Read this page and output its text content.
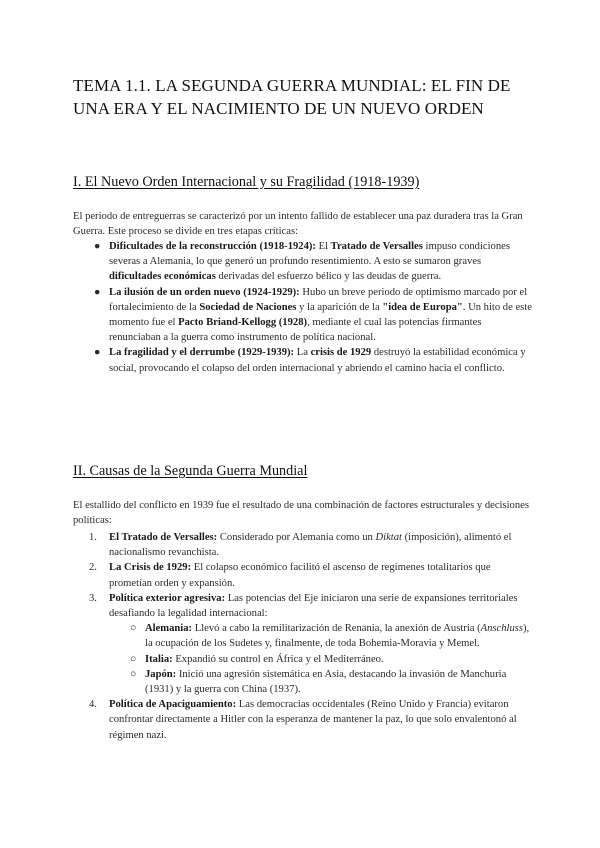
TEMA 1.1. LA SEGUNDA GUERRA MUNDIAL: EL FIN DE UNA ERA Y EL NACIMIENTO DE UN NUEVO ORDEN
I. El Nuevo Orden Internacional y su Fragilidad (1918-1939)

El periodo de entreguerras se caracterizó por un intento fallido de establecer una paz duradera tras la Gran Guerra. Este proceso se divide en tres etapas críticas:

● Dificultades de la reconstrucción (1918-1924): El Tratado de Versalles impuso condiciones severas a Alemania, lo que generó un profundo resentimiento. A esto se sumaron graves dificultades económicas derivadas del esfuerzo bélico y las deudas de guerra.
● La ilusión de un orden nuevo (1924-1929): Hubo un breve periodo de optimismo marcado por el fortalecimiento de la Sociedad de Naciones y la aparición de la "idea de Europa". Un hito de este momento fue el Pacto Briand-Kellogg (1928), mediante el cual las potencias firmantes renunciaban a la guerra como instrumento de política nacional.
● La fragilidad y el derrumbe (1929-1939): La crisis de 1929 destruyó la estabilidad económica y social, provocando el colapso del orden internacional y abriendo el camino hacia el conflicto.
II. Causas de la Segunda Guerra Mundial

El estallido del conflicto en 1939 fue el resultado de una combinación de factores estructurales y decisiones políticas:

1. El Tratado de Versalles: Considerado por Alemania como un Diktat (imposición), alimentó el nacionalismo revanchista.
2. La Crisis de 1929: El colapso económico facilitó el ascenso de regímenes totalitarios que prometían orden y expansión.
3. Política exterior agresiva: Las potencias del Eje iniciaron una serie de expansiones territoriales desafiando la legalidad internacional:
○ Alemania: Llevó a cabo la remilitarización de Renania, la anexión de Austria (Anschluss), la ocupación de los Sudetes y, finalmente, de toda Bohemia-Moravia y Memel.
○ Italia: Expandió su control en África y el Mediterráneo.
○ Japón: Inició una agresión sistemática en Asia, destacando la invasión de Manchuria (1931) y la guerra con China (1937).
4. Política de Apaciguamiento: Las democracias occidentales (Reino Unido y Francia) evitaron confrontar directamente a Hitler con la esperanza de mantener la paz, lo que solo envalentonó al régimen nazi.
